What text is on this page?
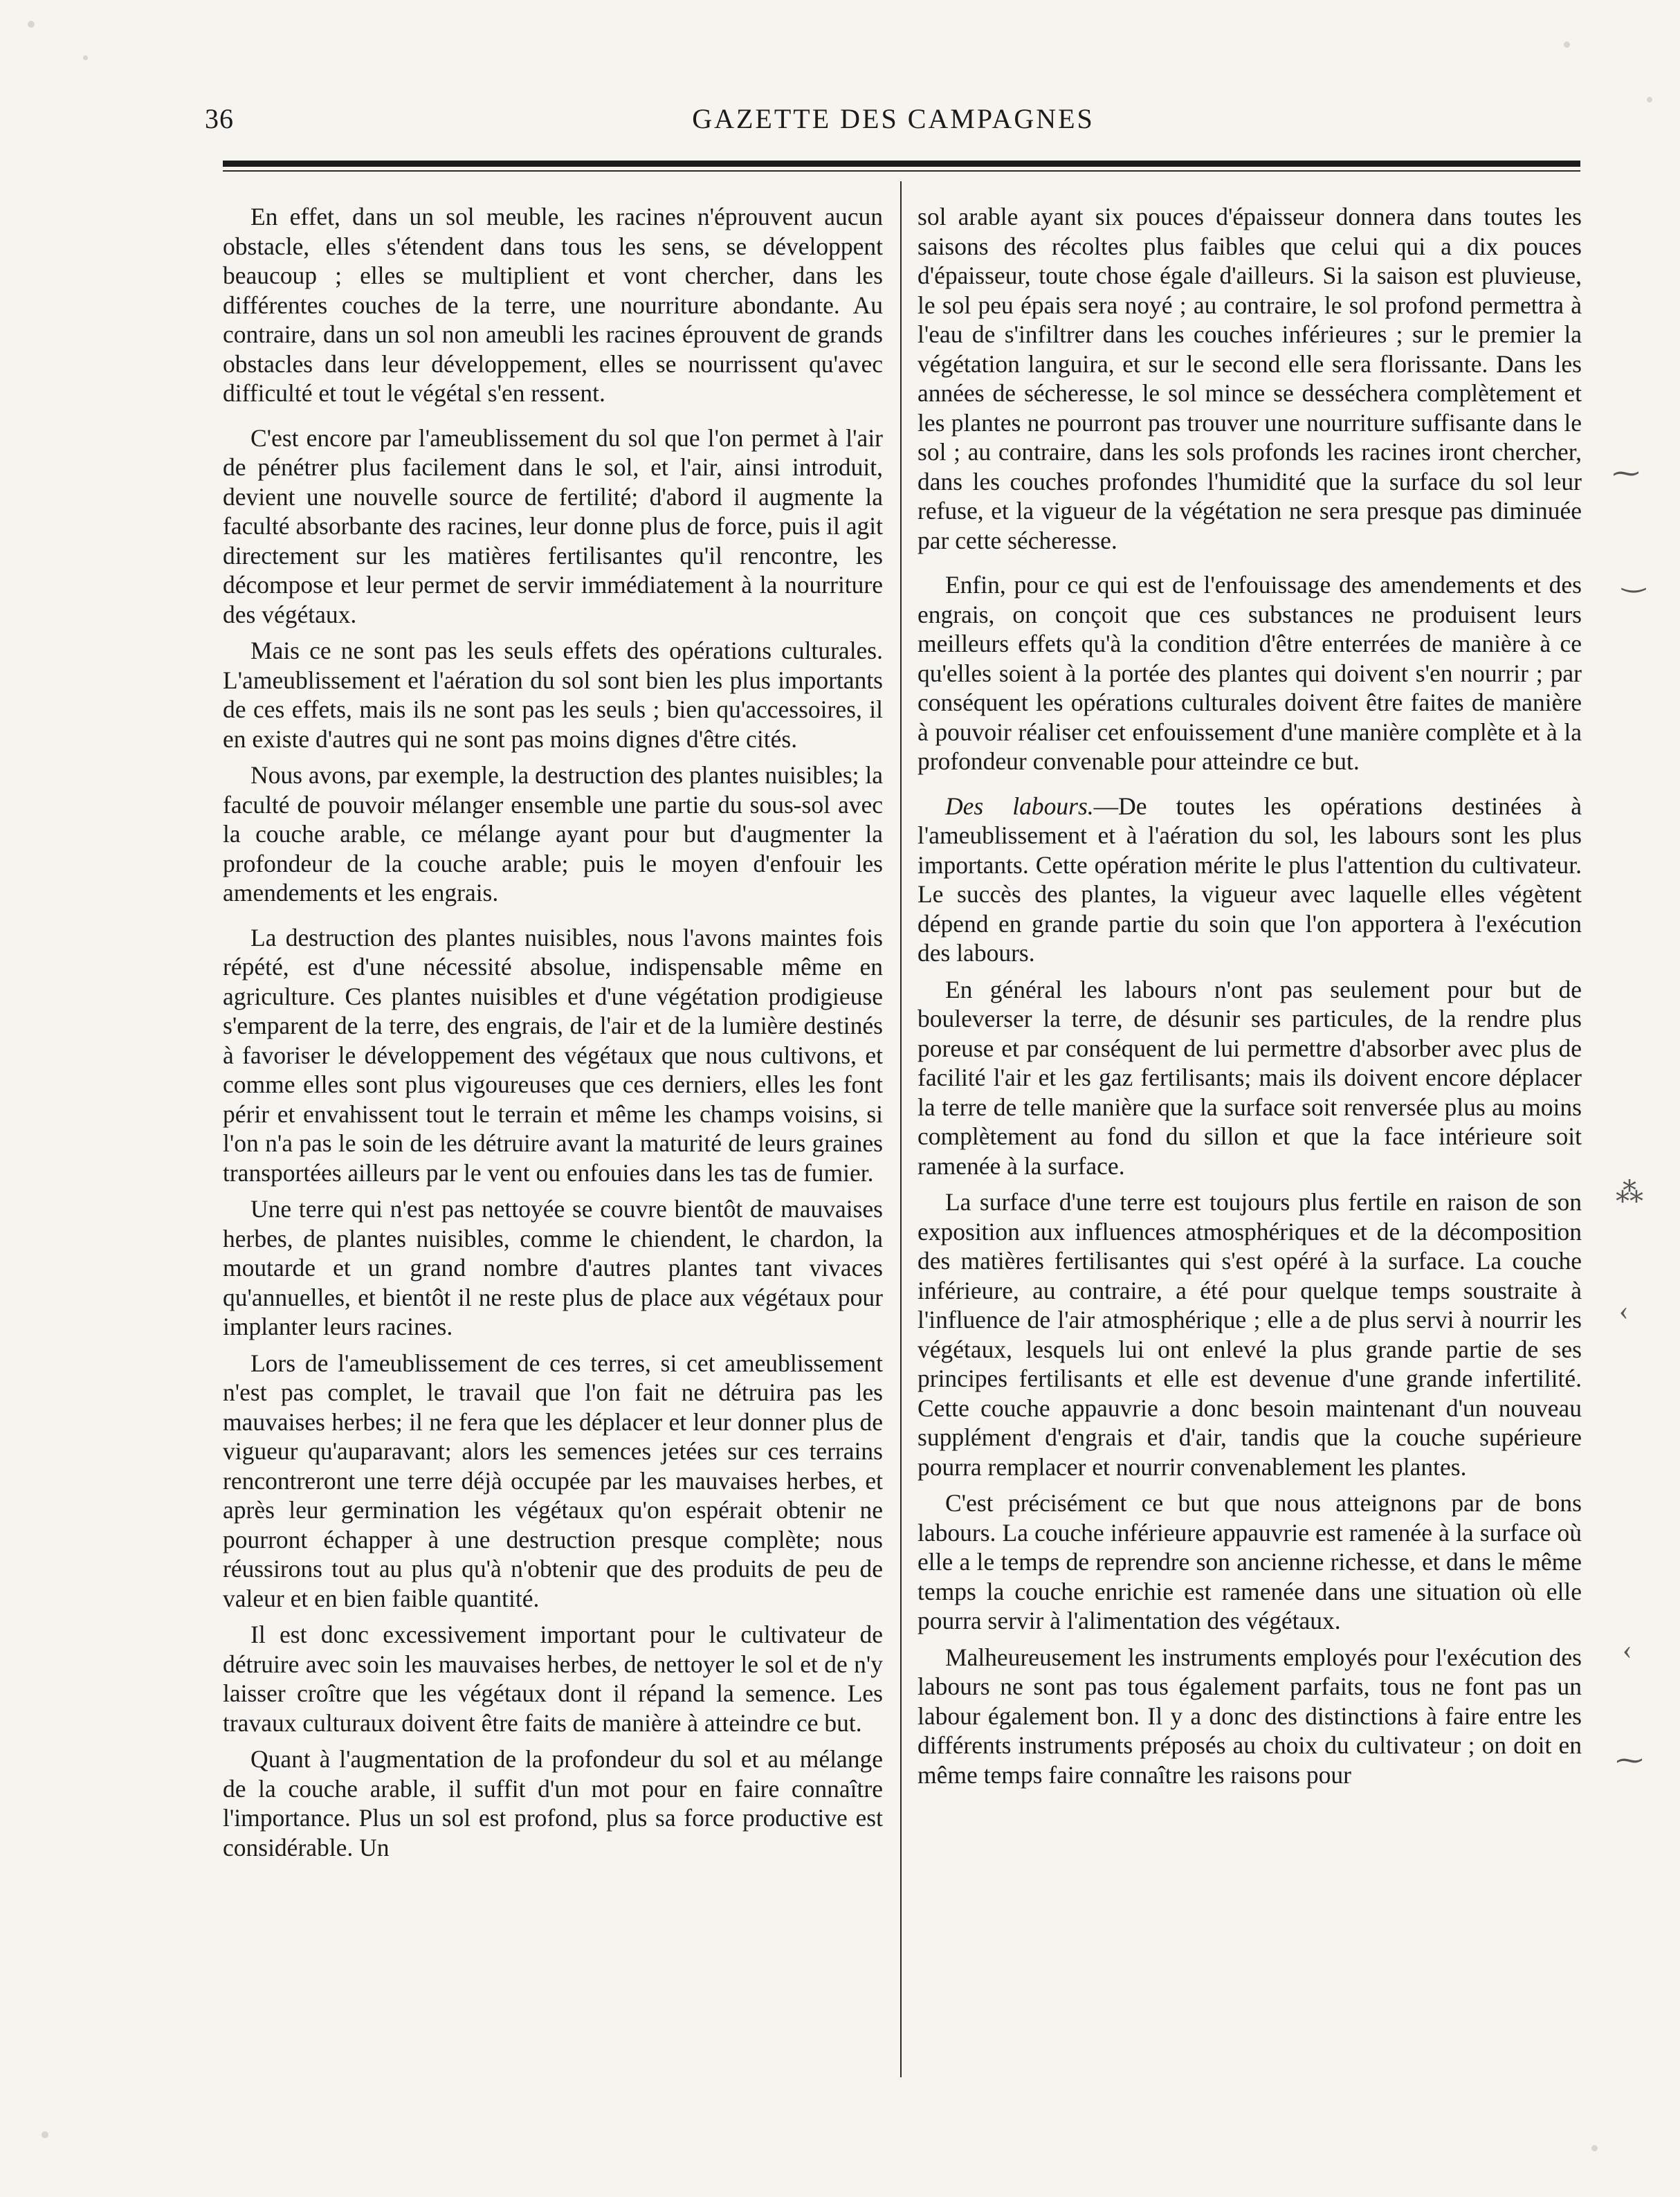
36	GAZETTE DES CAMPAGNES

En effet, dans un sol meuble, les racines n'éprouvent aucun obstacle, elles s'étendent dans tous les sens, se développent beaucoup ; elles se multiplient et vont chercher, dans les différentes couches de la terre, une nourriture abondante. Au contraire, dans un sol non ameubli les racines éprouvent de grands obstacles dans leur développement, elles se nourrissent qu'avec difficulté et tout le végétal s'en ressent.

C'est encore par l'ameublissement du sol que l'on permet à l'air de pénétrer plus facilement dans le sol, et l'air, ainsi introduit, devient une nouvelle source de fertilité; d'abord il augmente la faculté absorbante des racines, leur donne plus de force, puis il agit directement sur les matières fertilisantes qu'il rencontre, les décompose et leur permet de servir immédiatement à la nourriture des végétaux.

Mais ce ne sont pas les seuls effets des opérations culturales. L'ameublissement et l'aération du sol sont bien les plus importants de ces effets, mais ils ne sont pas les seuls ; bien qu'accessoires, il en existe d'autres qui ne sont pas moins dignes d'être cités.

Nous avons, par exemple, la destruction des plantes nuisibles; la faculté de pouvoir mélanger ensemble une partie du sous-sol avec la couche arable, ce mélange ayant pour but d'augmenter la profondeur de la couche arable; puis le moyen d'enfouir les amendements et les engrais.

La destruction des plantes nuisibles, nous l'avons maintes fois répété, est d'une nécessité absolue, indispensable même en agriculture. Ces plantes nuisibles et d'une végétation prodigieuse s'emparent de la terre, des engrais, de l'air et de la lumière destinés à favoriser le développement des végétaux que nous cultivons, et comme elles sont plus vigoureuses que ces derniers, elles les font périr et envahissent tout le terrain et même les champs voisins, si l'on n'a pas le soin de les détruire avant la maturité de leurs graines transportées ailleurs par le vent ou enfouies dans les tas de fumier.

Une terre qui n'est pas nettoyée se couvre bientôt de mauvaises herbes, de plantes nuisibles, comme le chiendent, le chardon, la moutarde et un grand nombre d'autres plantes tant vivaces qu'annuelles, et bientôt il ne reste plus de place aux végétaux pour implanter leurs racines.

Lors de l'ameublissement de ces terres, si cet ameublissement n'est pas complet, le travail que l'on fait ne détruira pas les mauvaises herbes; il ne fera que les déplacer et leur donner plus de vigueur qu'auparavant; alors les semences jetées sur ces terrains rencontreront une terre déjà occupée par les mauvaises herbes, et après leur germination les végétaux qu'on espérait obtenir ne pourront échapper à une destruction presque complète; nous réussirons tout au plus qu'à n'obtenir que des produits de peu de valeur et en bien faible quantité.

Il est donc excessivement important pour le cultivateur de détruire avec soin les mauvaises herbes, de nettoyer le sol et de n'y laisser croître que les végétaux dont il répand la semence. Les travaux culturaux doivent être faits de manière à atteindre ce but.

Quant à l'augmentation de la profondeur du sol et au mélange de la couche arable, il suffit d'un mot pour en faire connaître l'importance. Plus un sol est profond, plus sa force productive est considérable. Un

sol arable ayant six pouces d'épaisseur donnera dans toutes les saisons des récoltes plus faibles que celui qui a dix pouces d'épaisseur, toute chose égale d'ailleurs. Si la saison est pluvieuse, le sol peu épais sera noyé ; au contraire, le sol profond permettra à l'eau de s'infiltrer dans les couches inférieures ; sur le premier la végétation languira, et sur le second elle sera florissante. Dans les années de sécheresse, le sol mince se desséchera complètement et les plantes ne pourront pas trouver une nourriture suffisante dans le sol ; au contraire, dans les sols profonds les racines iront chercher, dans les couches profondes l'humidité que la surface du sol leur refuse, et la vigueur de la végétation ne sera presque pas diminuée par cette sécheresse.

Enfin, pour ce qui est de l'enfouissage des amendements et des engrais, on conçoit que ces substances ne produisent leurs meilleurs effets qu'à la condition d'être enterrées de manière à ce qu'elles soient à la portée des plantes qui doivent s'en nourrir ; par conséquent les opérations culturales doivent être faites de manière à pouvoir réaliser cet enfouissement d'une manière complète et à la profondeur convenable pour atteindre ce but.

Des labours.—De toutes les opérations destinées à l'ameublissement et à l'aération du sol, les labours sont les plus importants. Cette opération mérite le plus l'attention du cultivateur. Le succès des plantes, la vigueur avec laquelle elles végètent dépend en grande partie du soin que l'on apportera à l'exécution des labours.

En général les labours n'ont pas seulement pour but de bouleverser la terre, de désunir ses particules, de la rendre plus poreuse et par conséquent de lui permettre d'absorber avec plus de facilité l'air et les gaz fertilisants; mais ils doivent encore déplacer la terre de telle manière que la surface soit renversée plus au moins complètement au fond du sillon et que la face intérieure soit ramenée à la surface.

La surface d'une terre est toujours plus fertile en raison de son exposition aux influences atmosphériques et de la décomposition des matières fertilisantes qui s'est opéré à la surface. La couche inférieure, au contraire, a été pour quelque temps soustraite à l'influence de l'air atmosphérique ; elle a de plus servi à nourrir les végétaux, lesquels lui ont enlevé la plus grande partie de ses principes fertilisants et elle est devenue d'une grande infertilité. Cette couche appauvrie a donc besoin maintenant d'un nouveau supplément d'engrais et d'air, tandis que la couche supérieure pourra remplacer et nourrir convenablement les plantes.

C'est précisément ce but que nous atteignons par de bons labours. La couche inférieure appauvrie est ramenée à la surface où elle a le temps de reprendre son ancienne richesse, et dans le même temps la couche enrichie est ramenée dans une situation où elle pourra servir à l'alimentation des végétaux.

Malheureusement les instruments employés pour l'exécution des labours ne sont pas tous également parfaits, tous ne font pas un labour également bon. Il y a donc des distinctions à faire entre les différents instruments préposés au choix du cultivateur ; on doit en même temps faire connaître les raisons pour

⁓
‿
⁂
‹
‹
⁓
